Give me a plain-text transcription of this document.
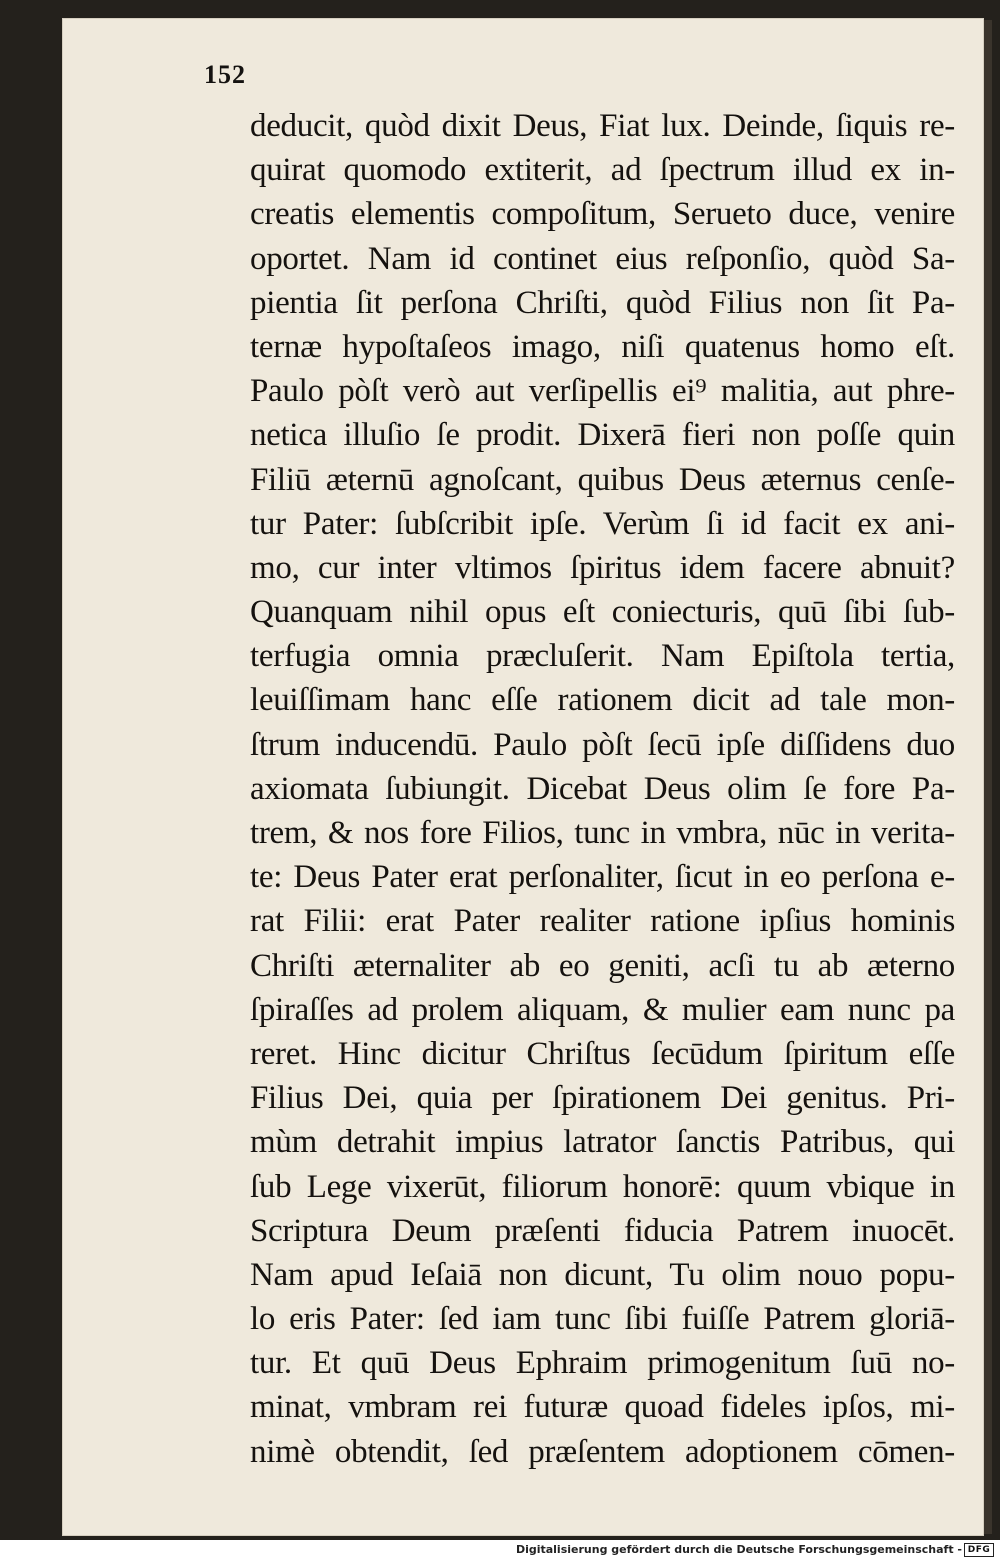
152
deducit, quòd dixit Deus, Fiat lux. Deinde, ſiquis re-
quirat quomodo extiterit, ad ſpectrum illud ex in-
creatis elementis compoſitum, Serueto duce, venire
oportet. Nam id continet eius reſponſio, quòd Sa-
pientia ſit perſona Chriſti, quòd Filius non ſit Pa-
ternæ hypoſtaſeos imago, niſi quatenus homo eſt.
Paulo pòſt verò aut verſipellis ei⁹ malitia, aut phre-
netica illuſio ſe prodit. Dixerā fieri non poſſe quin
Filiū æternū agnoſcant, quibus Deus æternus cenſe-
tur Pater: ſubſcribit ipſe. Verùm ſi id facit ex ani-
mo, cur inter vltimos ſpiritus idem facere abnuit?
Quanquam nihil opus eſt coniecturis, quū ſibi ſub-
terfugia omnia præcluſerit. Nam Epiſtola tertia,
leuiſſimam hanc eſſe rationem dicit ad tale mon-
ſtrum inducendū. Paulo pòſt ſecū ipſe diſſidens duo
axiomata ſubiungit. Dicebat Deus olim ſe fore Pa-
trem, & nos fore Filios, tunc in vmbra, nūc in verita-
te: Deus Pater erat perſonaliter, ſicut in eo perſona e-
rat Filii: erat Pater realiter ratione ipſius hominis
Chriſti æternaliter ab eo geniti, acſi tu ab æterno
ſpiraſſes ad prolem aliquam, & mulier eam nunc pa
reret. Hinc dicitur Chriſtus ſecūdum ſpiritum eſſe
Filius Dei, quia per ſpirationem Dei genitus. Pri-
mùm detrahit impius latrator ſanctis Patribus, qui
ſub Lege vixerūt, filiorum honorē: quum vbique in
Scriptura Deum præſenti fiducia Patrem inuocēt.
Nam apud Ieſaiā non dicunt, Tu olim nouo popu-
lo eris Pater: ſed iam tunc ſibi fuiſſe Patrem gloriā-
tur. Et quū Deus Ephraim primogenitum ſuū no-
minat, vmbram rei futuræ quoad fideles ipſos, mi-
nimè obtendit, ſed præſentem adoptionem cōmen-
Digitalisierung gefördert durch die Deutsche Forschungsgemeinschaft - DFG
